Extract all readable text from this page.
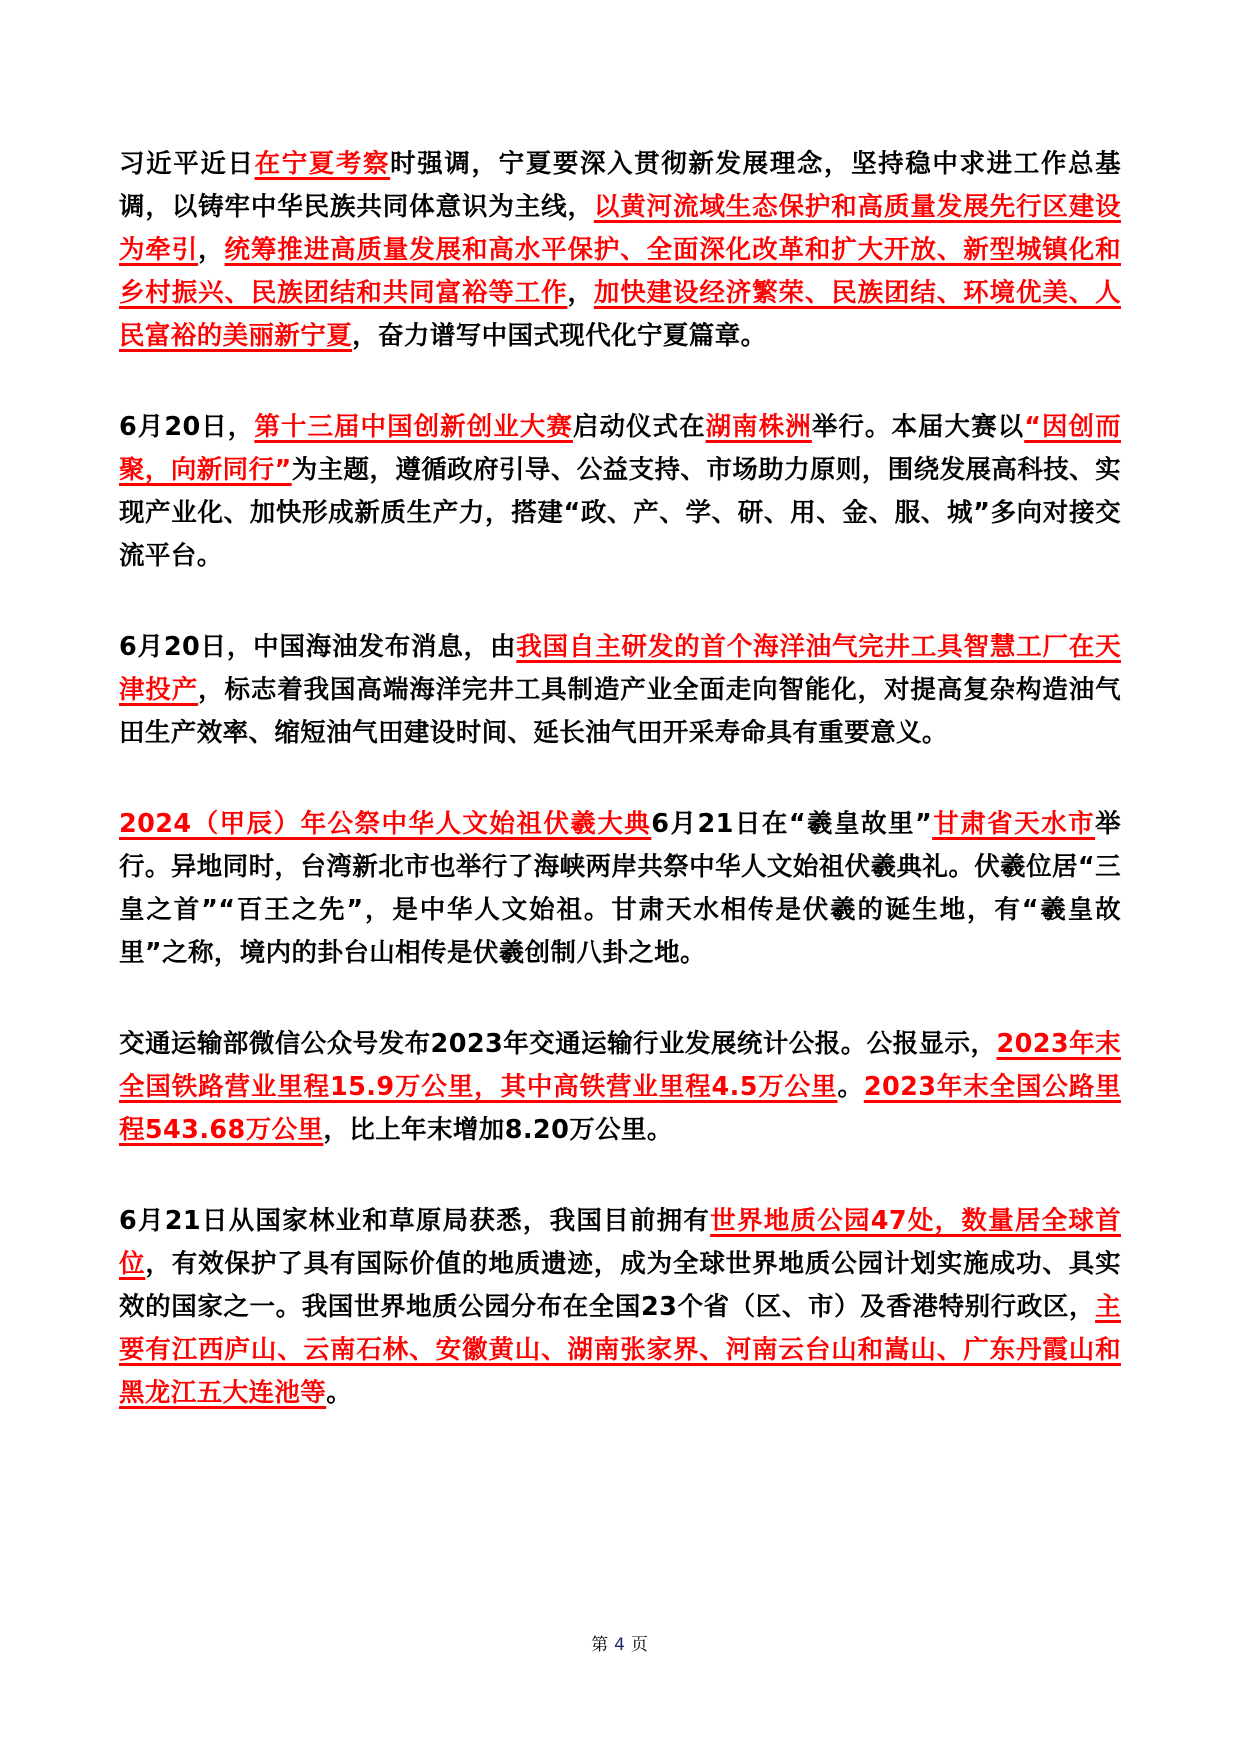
习近平近日在宁夏考察时强调，宁夏要深入贯彻新发展理念，坚持稳中求进工作总基调，以铸牢中华民族共同体意识为主线，以黄河流域生态保护和高质量发展先行区建设为牵引，统筹推进高质量发展和高水平保护、全面深化改革和扩大开放、新型城镇化和乡村振兴、民族团结和共同富裕等工作，加快建设经济繁荣、民族团结、环境优美、人民富裕的美丽新宁夏，奋力谱写中国式现代化宁夏篇章。

6月20日，第十三届中国创新创业大赛启动仪式在湖南株洲举行。本届大赛以“因创而聚，向新同行”为主题，遵循政府引导、公益支持、市场助力原则，围绕发展高科技、实现产业化、加快形成新质生产力，搭建“政、产、学、研、用、金、服、城”多向对接交流平台。

6月20日，中国海油发布消息，由我国自主研发的首个海洋油气完井工具智慧工厂在天津投产，标志着我国高端海洋完井工具制造产业全面走向智能化，对提高复杂构造油气田生产效率、缩短油气田建设时间、延长油气田开采寿命具有重要意义。

2024（甲辰）年公祭中华人文始祖伏羲大典6月21日在“羲皇故里”甘肃省天水市举行。异地同时，台湾新北市也举行了海峡两岸共祭中华人文始祖伏羲典礼。伏羲位居“三皇之首”“百王之先”，是中华人文始祖。甘肃天水相传是伏羲的诞生地，有“羲皇故里”之称，境内的卦台山相传是伏羲创制八卦之地。

交通运输部微信公众号发布2023年交通运输行业发展统计公报。公报显示，2023年末全国铁路营业里程15.9万公里，其中高铁营业里程4.5万公里。2023年末全国公路里程543.68万公里，比上年末增加8.20万公里。

6月21日从国家林业和草原局获悉，我国目前拥有世界地质公园47处，数量居全球首位，有效保护了具有国际价值的地质遗迹，成为全球世界地质公园计划实施成功、具实效的国家之一。我国世界地质公园分布在全国23个省（区、市）及香港特别行政区，主要有江西庐山、云南石林、安徽黄山、湖南张家界、河南云台山和嵩山、广东丹霞山和黑龙江五大连池等。

第 4 页
